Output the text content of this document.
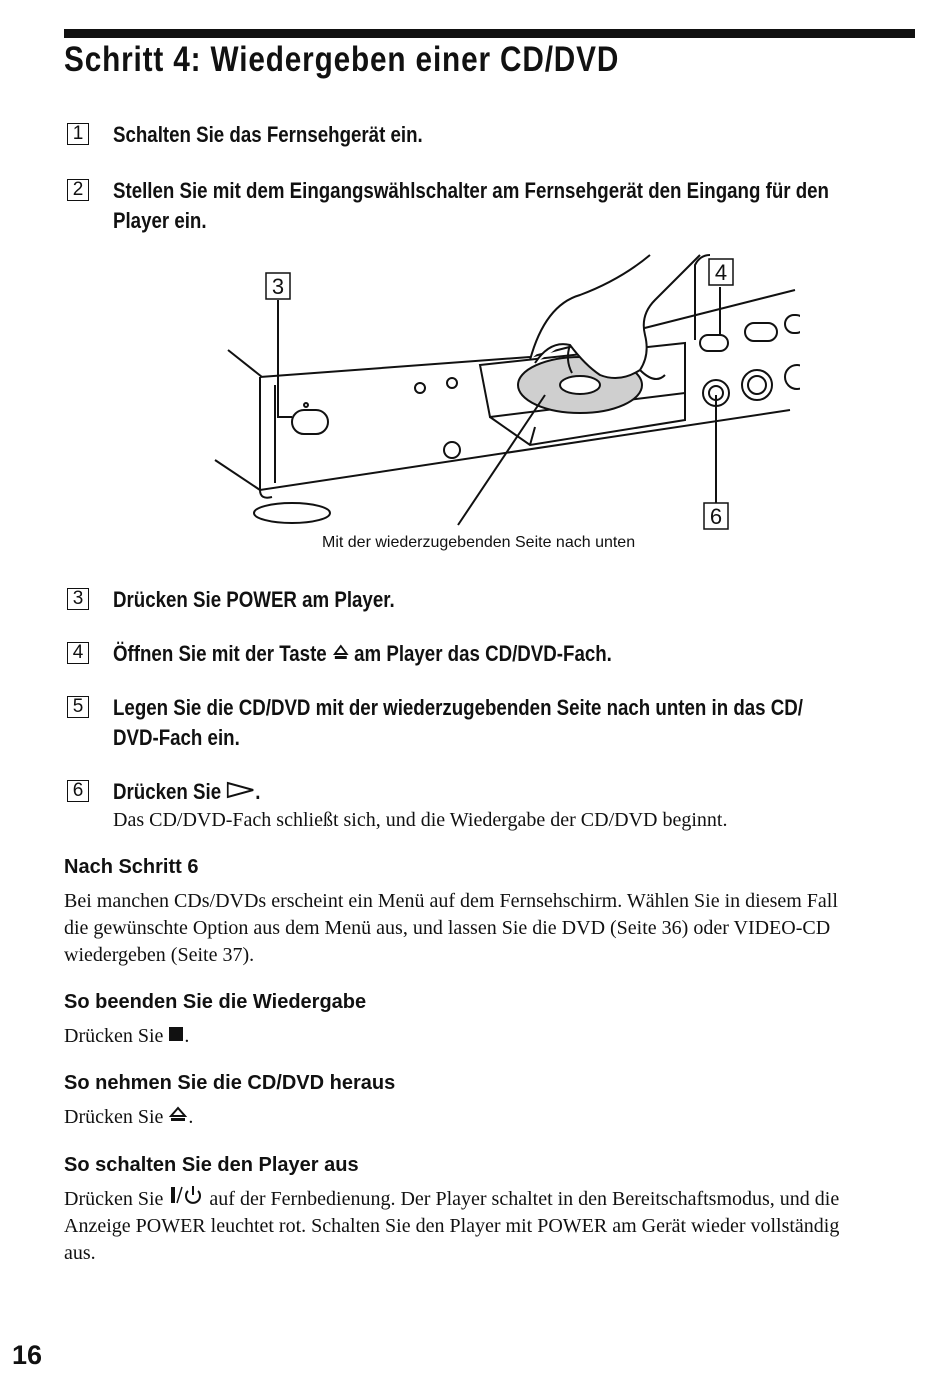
Schritt 4: Wiedergeben einer CD/DVD
1 Schalten Sie das Fernsehgerät ein.
2 Stellen Sie mit dem Eingangswählschalter am Fernsehgerät den Eingang für den
Player ein.
3
4
6
Mit der wiederzugebenden Seite nach unten
3 Drücken Sie POWER am Player.
4 Öffnen Sie mit der Taste am Player das CD/DVD-Fach.
5 Legen Sie die CD/DVD mit der wiederzugebenden Seite nach unten in das CD/
DVD-Fach ein.
6 Drücken Sie .
Das CD/DVD-Fach schließt sich, und die Wiedergabe der CD/DVD beginnt.
Nach Schritt 6
Bei manchen CDs/DVDs erscheint ein Menü auf dem Fernsehschirm. Wählen Sie in diesem Fall
die gewünschte Option aus dem Menü aus, und lassen Sie die DVD (Seite 36) oder VIDEO-CD
wiedergeben (Seite 37).
So beenden Sie die Wiedergabe
Drücken Sie .
So nehmen Sie die CD/DVD heraus
Drücken Sie .
So schalten Sie den Player aus
Drücken Sie  auf der Fernbedienung. Der Player schaltet in den Bereitschaftsmodus, und die
Anzeige POWER leuchtet rot. Schalten Sie den Player mit POWER am Gerät wieder vollständig
aus.
16
